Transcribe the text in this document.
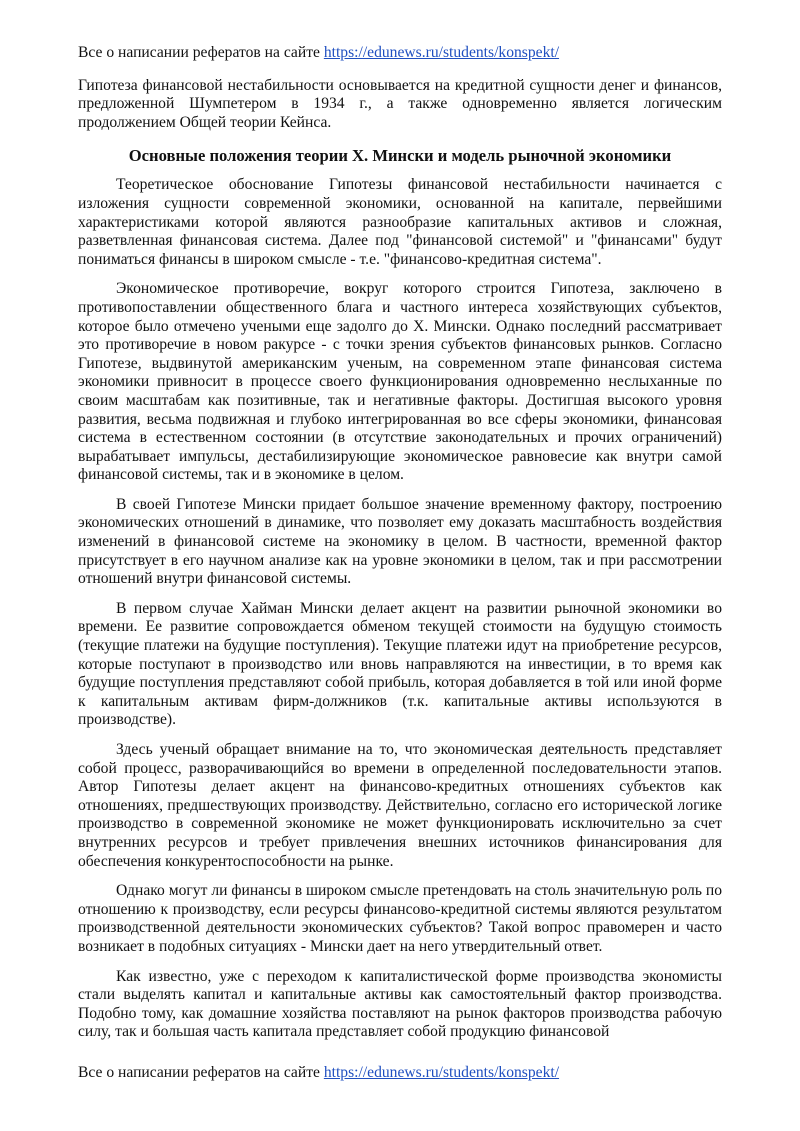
Все о написании рефератов на сайте https://edunews.ru/students/konspekt/

Гипотеза финансовой нестабильности основывается на кредитной сущности денег и финансов, предложенной Шумпетером в 1934 г., а также одновременно является логическим продолжением Общей теории Кейнса.

Основные положения теории Х. Мински и модель рыночной экономики

Теоретическое обоснование Гипотезы финансовой нестабильности начинается с изложения сущности современной экономики, основанной на капитале, первейшими характеристиками которой являются разнообразие капитальных активов и сложная, разветвленная финансовая система. Далее под "финансовой системой" и "финансами" будут пониматься финансы в широком смысле - т.е. "финансово-кредитная система".

Экономическое противоречие, вокруг которого строится Гипотеза, заключено в противопоставлении общественного блага и частного интереса хозяйствующих субъектов, которое было отмечено учеными еще задолго до Х. Мински. Однако последний рассматривает это противоречие в новом ракурсе - с точки зрения субъектов финансовых рынков. Согласно Гипотезе, выдвинутой американским ученым, на современном этапе финансовая система экономики привносит в процессе своего функционирования одновременно неслыханные по своим масштабам как позитивные, так и негативные факторы. Достигшая высокого уровня развития, весьма подвижная и глубоко интегрированная во все сферы экономики, финансовая система в естественном состоянии (в отсутствие законодательных и прочих ограничений) вырабатывает импульсы, дестабилизирующие экономическое равновесие как внутри самой финансовой системы, так и в экономике в целом.

В своей Гипотезе Мински придает большое значение временному фактору, построению экономических отношений в динамике, что позволяет ему доказать масштабность воздействия изменений в финансовой системе на экономику в целом. В частности, временной фактор присутствует в его научном анализе как на уровне экономики в целом, так и при рассмотрении отношений внутри финансовой системы.

В первом случае Хайман Мински делает акцент на развитии рыночной экономики во времени. Ее развитие сопровождается обменом текущей стоимости на будущую стоимость (текущие платежи на будущие поступления). Текущие платежи идут на приобретение ресурсов, которые поступают в производство или вновь направляются на инвестиции, в то время как будущие поступления представляют собой прибыль, которая добавляется в той или иной форме к капитальным активам фирм-должников (т.к. капитальные активы используются в производстве).

Здесь ученый обращает внимание на то, что экономическая деятельность представляет собой процесс, разворачивающийся во времени в определенной последовательности этапов. Автор Гипотезы делает акцент на финансово-кредитных отношениях субъектов как отношениях, предшествующих производству. Действительно, согласно его исторической логике производство в современной экономике не может функционировать исключительно за счет внутренних ресурсов и требует привлечения внешних источников финансирования для обеспечения конкурентоспособности на рынке.

Однако могут ли финансы в широком смысле претендовать на столь значительную роль по отношению к производству, если ресурсы финансово-кредитной системы являются результатом производственной деятельности экономических субъектов? Такой вопрос правомерен и часто возникает в подобных ситуациях - Мински дает на него утвердительный ответ.

Как известно, уже с переходом к капиталистической форме производства экономисты стали выделять капитал и капитальные активы как самостоятельный фактор производства. Подобно тому, как домашние хозяйства поставляют на рынок факторов производства рабочую силу, так и большая часть капитала представляет собой продукцию финансовой

Все о написании рефератов на сайте https://edunews.ru/students/konspekt/
